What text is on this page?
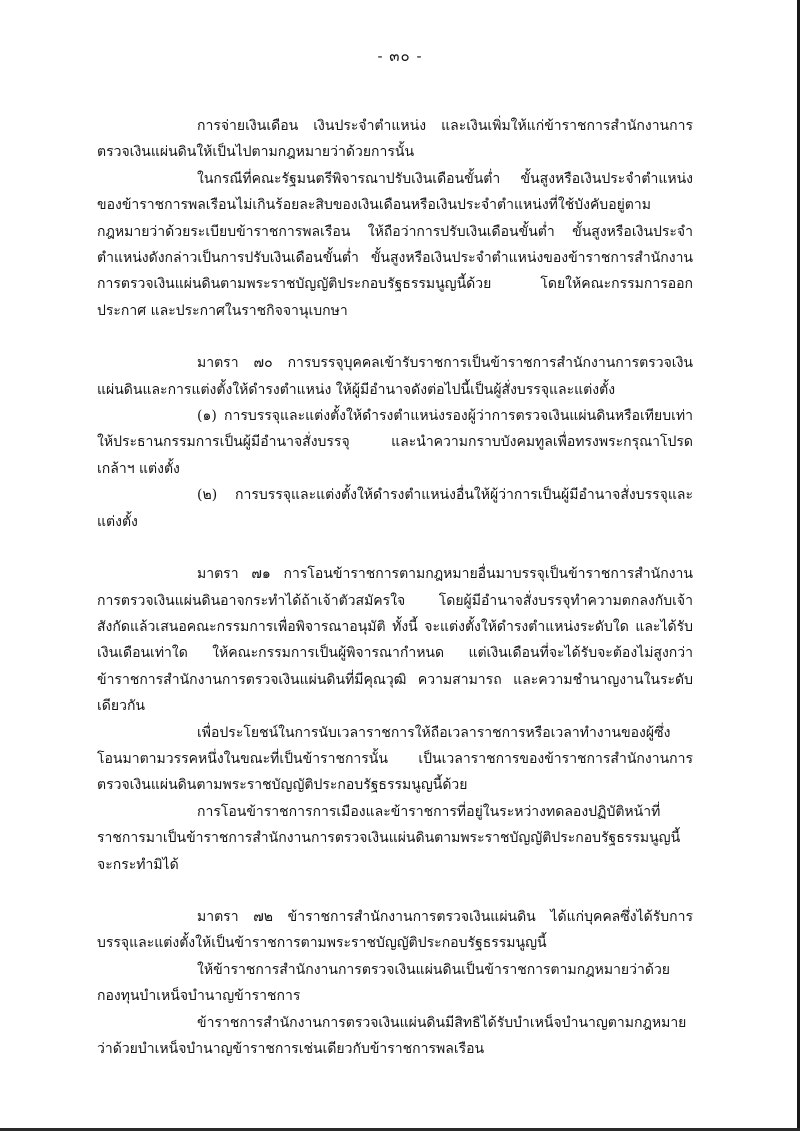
- ๓๐ -

การจ่ายเงินเดือน เงินประจำตำแหน่ง และเงินเพิ่มให้แก่ข้าราชการสำนักงานการตรวจเงินแผ่นดินให้เป็นไปตามกฎหมายว่าด้วยการนั้น

ในกรณีที่คณะรัฐมนตรีพิจารณาปรับเงินเดือนขั้นต่ำ ขั้นสูงหรือเงินประจำตำแหน่งของข้าราชการพลเรือนไม่เกินร้อยละสิบของเงินเดือนหรือเงินประจำตำแหน่งที่ใช้บังคับอยู่ตามกฎหมายว่าด้วยระเบียบข้าราชการพลเรือน ให้ถือว่าการปรับเงินเดือนขั้นต่ำ ขั้นสูงหรือเงินประจำตำแหน่งดังกล่าวเป็นการปรับเงินเดือนขั้นต่ำ ขั้นสูงหรือเงินประจำตำแหน่งของข้าราชการสำนักงานการตรวจเงินแผ่นดินตามพระราชบัญญัติประกอบรัฐธรรมนูญนี้ด้วย โดยให้คณะกรรมการออกประกาศ และประกาศในราชกิจจานุเบกษา

มาตรา ๗๐ การบรรจุบุคคลเข้ารับราชการเป็นข้าราชการสำนักงานการตรวจเงินแผ่นดินและการแต่งตั้งให้ดำรงตำแหน่ง ให้ผู้มีอำนาจดังต่อไปนี้เป็นผู้สั่งบรรจุและแต่งตั้ง

(๑) การบรรจุและแต่งตั้งให้ดำรงตำแหน่งรองผู้ว่าการตรวจเงินแผ่นดินหรือเทียบเท่า ให้ประธานกรรมการเป็นผู้มีอำนาจสั่งบรรจุ และนำความกราบบังคมทูลเพื่อทรงพระกรุณาโปรดเกล้าฯ แต่งตั้ง

(๒) การบรรจุและแต่งตั้งให้ดำรงตำแหน่งอื่นให้ผู้ว่าการเป็นผู้มีอำนาจสั่งบรรจุและแต่งตั้ง

มาตรา ๗๑ การโอนข้าราชการตามกฎหมายอื่นมาบรรจุเป็นข้าราชการสำนักงานการตรวจเงินแผ่นดินอาจกระทำได้ถ้าเจ้าตัวสมัครใจ โดยผู้มีอำนาจสั่งบรรจุทำความตกลงกับเจ้าสังกัดแล้วเสนอคณะกรรมการเพื่อพิจารณาอนุมัติ ทั้งนี้ จะแต่งตั้งให้ดำรงตำแหน่งระดับใด และได้รับเงินเดือนเท่าใด ให้คณะกรรมการเป็นผู้พิจารณากำหนด แต่เงินเดือนที่จะได้รับจะต้องไม่สูงกว่าข้าราชการสำนักงานการตรวจเงินแผ่นดินที่มีคุณวุฒิ ความสามารถ และความชำนาญงานในระดับเดียวกัน

เพื่อประโยชน์ในการนับเวลาราชการให้ถือเวลาราชการหรือเวลาทำงานของผู้ซึ่งโอนมาตามวรรคหนึ่งในขณะที่เป็นข้าราชการนั้น เป็นเวลาราชการของข้าราชการสำนักงานการตรวจเงินแผ่นดินตามพระราชบัญญัติประกอบรัฐธรรมนูญนี้ด้วย

การโอนข้าราชการการเมืองและข้าราชการที่อยู่ในระหว่างทดลองปฏิบัติหน้าที่ราชการมาเป็นข้าราชการสำนักงานการตรวจเงินแผ่นดินตามพระราชบัญญัติประกอบรัฐธรรมนูญนี้จะกระทำมิได้

มาตรา ๗๒ ข้าราชการสำนักงานการตรวจเงินแผ่นดิน ได้แก่บุคคลซึ่งได้รับการบรรจุและแต่งตั้งให้เป็นข้าราชการตามพระราชบัญญัติประกอบรัฐธรรมนูญนี้

ให้ข้าราชการสำนักงานการตรวจเงินแผ่นดินเป็นข้าราชการตามกฎหมายว่าด้วยกองทุนบำเหน็จบำนาญข้าราชการ

ข้าราชการสำนักงานการตรวจเงินแผ่นดินมีสิทธิได้รับบำเหน็จบำนาญตามกฎหมายว่าด้วยบำเหน็จบำนาญข้าราชการเช่นเดียวกับข้าราชการพลเรือน
